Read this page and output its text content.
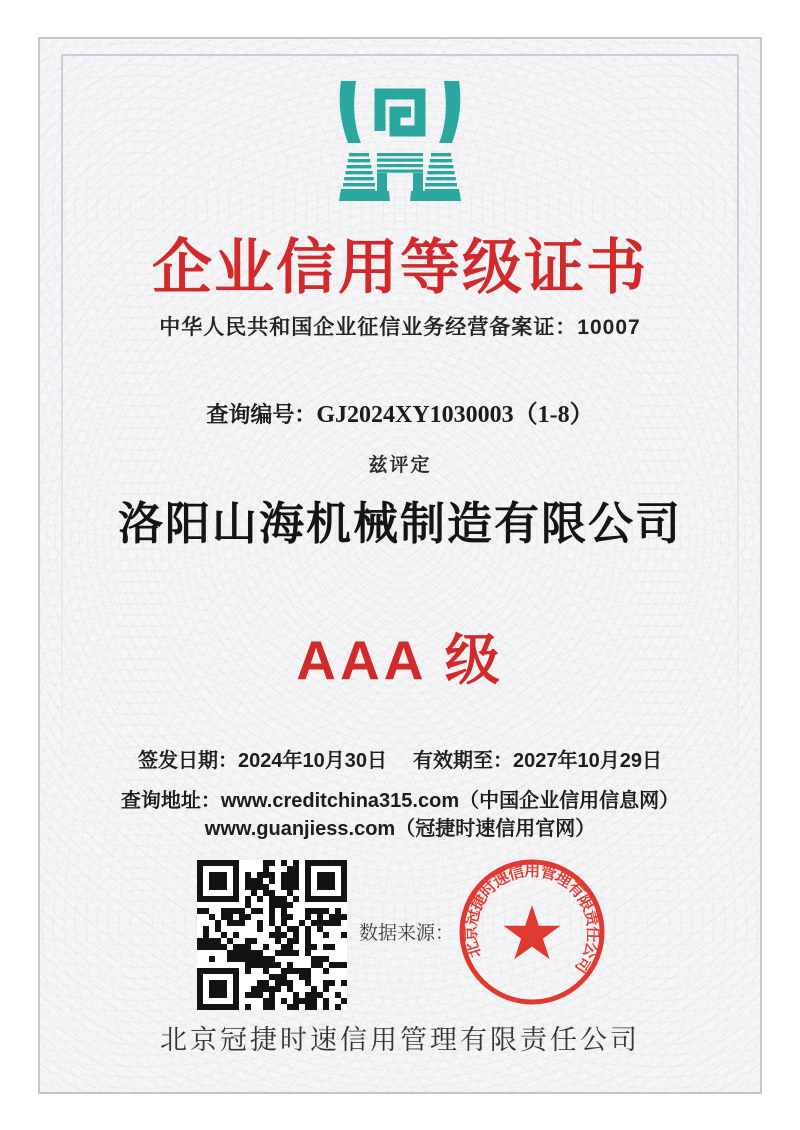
企业信用等级证书
中华人民共和国企业征信业务经营备案证：10007
查询编号：GJ2024XY1030003（1-8）
兹评定
洛阳山海机械制造有限公司
AAA 级
签发日期：2024年10月30日 有效期至：2027年10月29日
查询地址：www.creditchina315.com（中国企业信用信息网）
www.guanjiess.com（冠捷时速信用官网）
数据来源：
北京冠捷时速信用管理有限责任公司
北京冠捷时速信用管理有限责任公司
